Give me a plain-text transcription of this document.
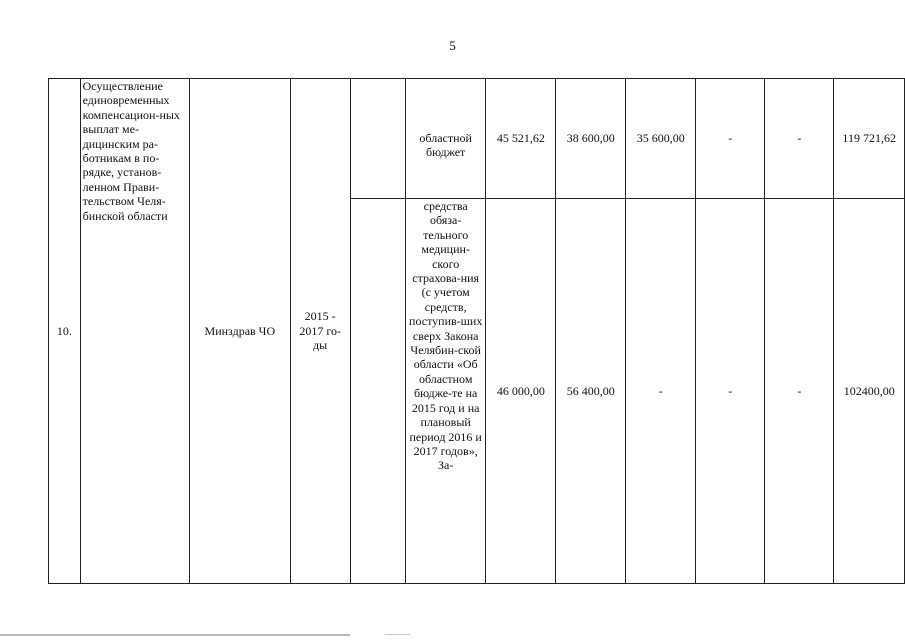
5
10.	Осуществление единовременных компенсацион-ных выплат ме-дицинским ра-ботникам в по-рядке, установ-ленном Прави-тельством Челя-бинской области	Минздрав ЧО	2015 - 2017 го-ды		областной бюджет	45 521,62	38 600,00	35 600,00	-	-	119 721,62
					средства обяза-тельного медицин-ского страхова-ния (с учетом средств, поступив-ших сверх Закона Челябин-ской области «Об областном бюдже-те на 2015 год и на плановый период 2016 и 2017 годов», За-	46 000,00	56 400,00	-	-	-	102400,00
